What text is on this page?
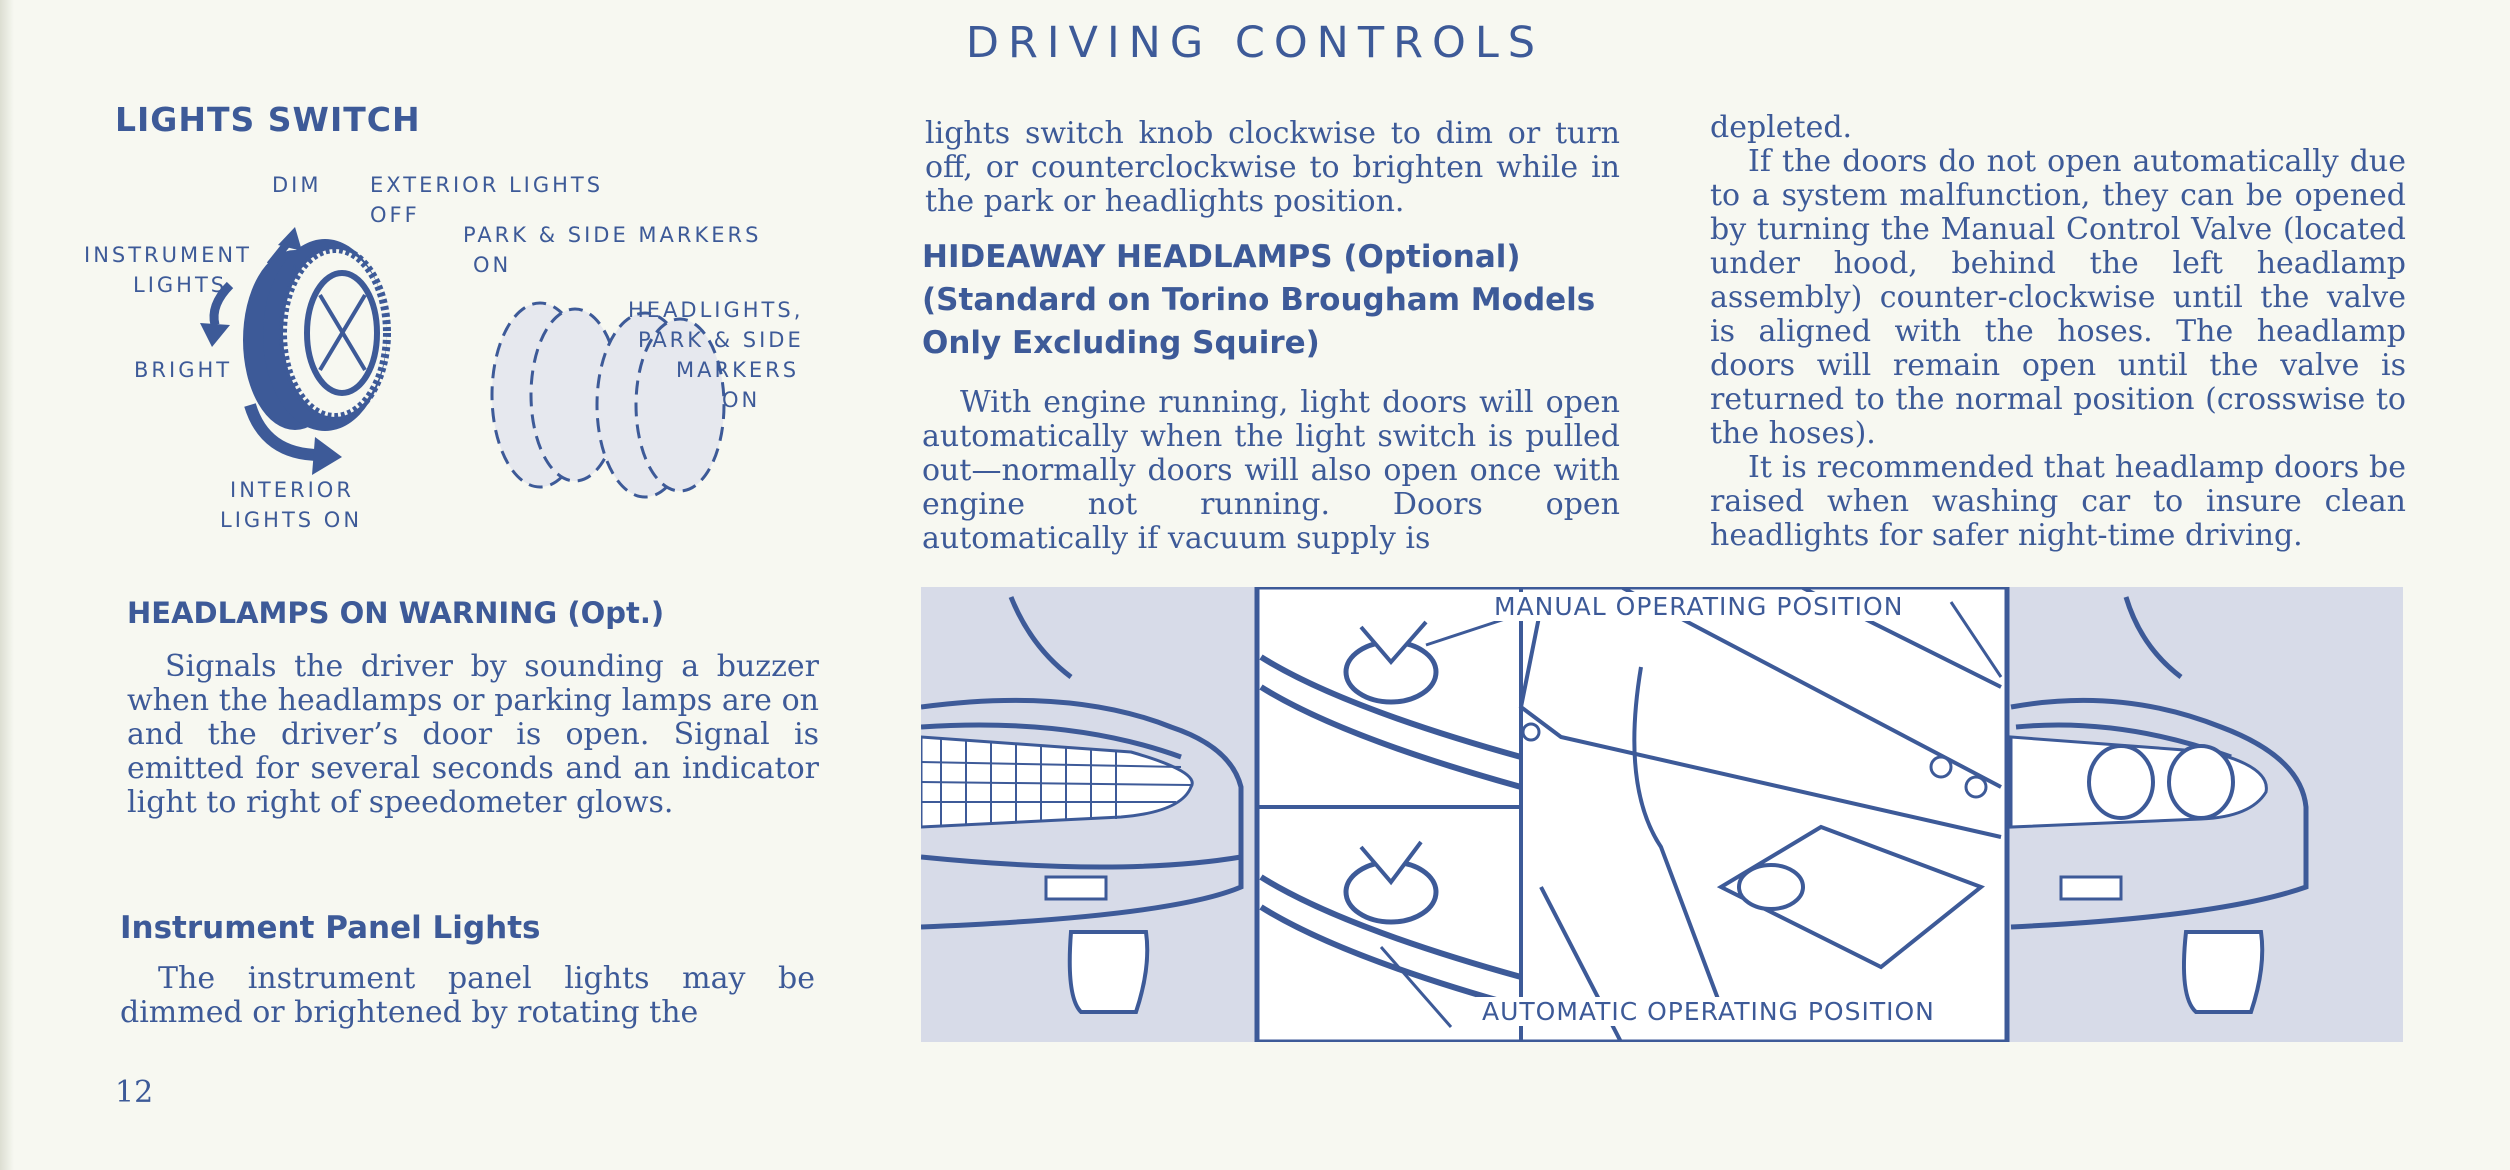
DRIVING CONTROLS
LIGHTS SWITCH
DIM EXTERIOR LIGHTS
OFF
PARK & SIDE MARKERS
ON
INSTRUMENT
LIGHTS
HEADLIGHTS,
PARK & SIDE
MARKERS
ON
BRIGHT
INTERIOR
LIGHTS ON
HEADLAMPS ON WARNING (Opt.)

Signals the driver by sounding a buzzer when the headlamps or parking lamps are on and the driver’s door is open. Signal is emitted for several seconds and an indicator light to right of speedometer glows.

Instrument Panel Lights

The instrument panel lights may be dimmed or brightened by rotating the

12

lights switch knob clockwise to dim or turn off, or counterclockwise to brighten while in the park or headlights position.

HIDEAWAY HEADLAMPS (Optional)
(Standard on Torino Brougham Models
Only Excluding Squire)

With engine running, light doors will open automatically when the light switch is pulled out—normally doors will also open once with engine not running. Doors open automatically if vacuum supply is

depleted.

If the doors do not open automatically due to a system malfunction, they can be opened by turning the Manual Control Valve (located under hood, behind the left headlamp assembly) counter-clockwise until the valve is aligned with the hoses. The headlamp doors will remain open until the valve is returned to the normal position (crosswise to the hoses).

It is recommended that headlamp doors be raised when washing car to insure clean headlights for safer night-time driving.

MANUAL OPERATING POSITION
AUTOMATIC OPERATING POSITION
